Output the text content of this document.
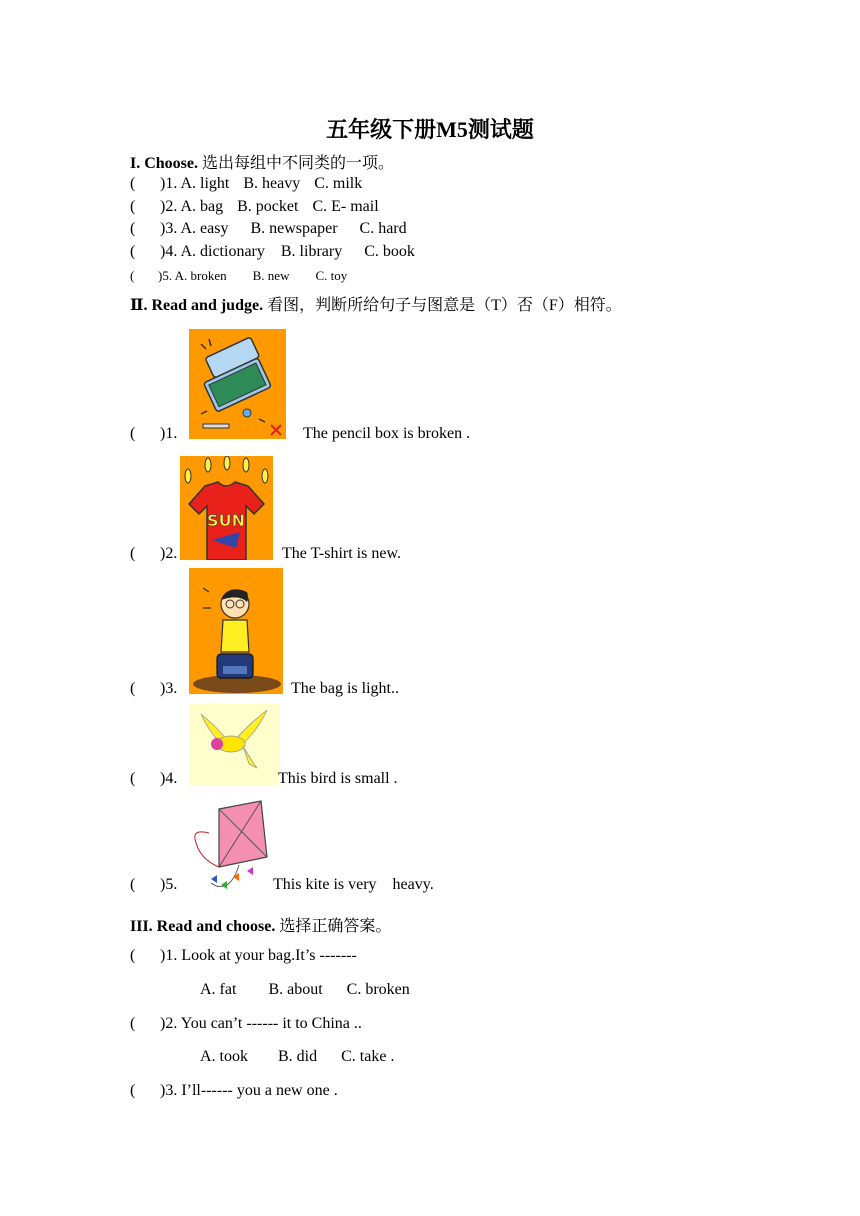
五年级下册M5测试题
I. Choose. 选出每组中不同类的一项。
( )1. A. light B. heavy C. milk
( )2. A. bag B. pocket C. E- mail
( )3. A. easy B. newspaper C. hard
( )4. A. dictionary B. library C. book
( )5. A. broken B. new C. toy
Ⅱ. Read and judge. 看图，判断所给句子与图意是（T）否（F）相符。
( )1.	The pencil box is broken .
SUN
( )2.	The T-shirt is new.
( )3.	The bag is light..
( )4.	This bird is small .
( )5.	This kite is very    heavy.
III. Read and choose. 选择正确答案。
( )1. Look at your bag.It’s -------
A. fat B. about C. broken
( )2. You can’t ------ it to China ..
A. took B. did C. take .
( )3. I’ll------ you a new one .
